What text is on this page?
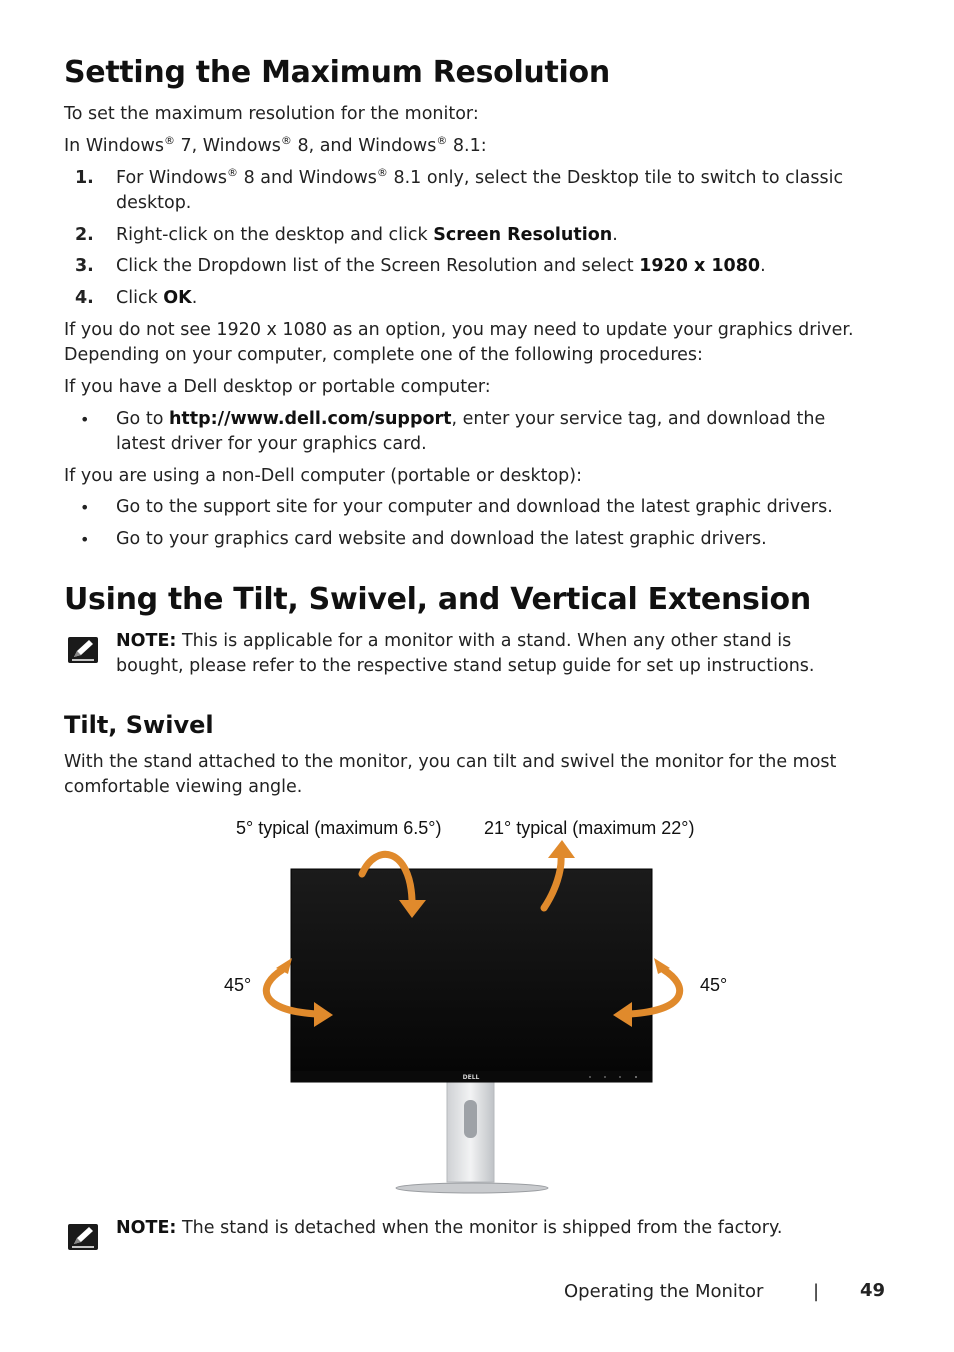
Setting the Maximum Resolution
To set the maximum resolution for the monitor:
In Windows® 7, Windows® 8, and Windows® 8.1:
1. For Windows® 8 and Windows® 8.1 only, select the Desktop tile to switch to classic
desktop.
2. Right-click on the desktop and click Screen Resolution.
3. Click the Dropdown list of the Screen Resolution and select 1920 x 1080.
4. Click OK.
If you do not see 1920 x 1080 as an option, you may need to update your graphics driver.
Depending on your computer, complete one of the following procedures:
If you have a Dell desktop or portable computer:
• Go to http://www.dell.com/support, enter your service tag, and download the
latest driver for your graphics card.
If you are using a non-Dell computer (portable or desktop):
• Go to the support site for your computer and download the latest graphic drivers.
• Go to your graphics card website and download the latest graphic drivers.
Using the Tilt, Swivel, and Vertical Extension
NOTE: This is applicable for a monitor with a stand. When any other stand is
bought, please refer to the respective stand setup guide for set up instructions.
Tilt, Swivel
With the stand attached to the monitor, you can tilt and swivel the monitor for the most
comfortable viewing angle.
5° typical (maximum 6.5°) 21° typical (maximum 22°)
45°	45°
DELL
NOTE: The stand is detached when the monitor is shipped from the factory.
Operating the Monitor	| 49
